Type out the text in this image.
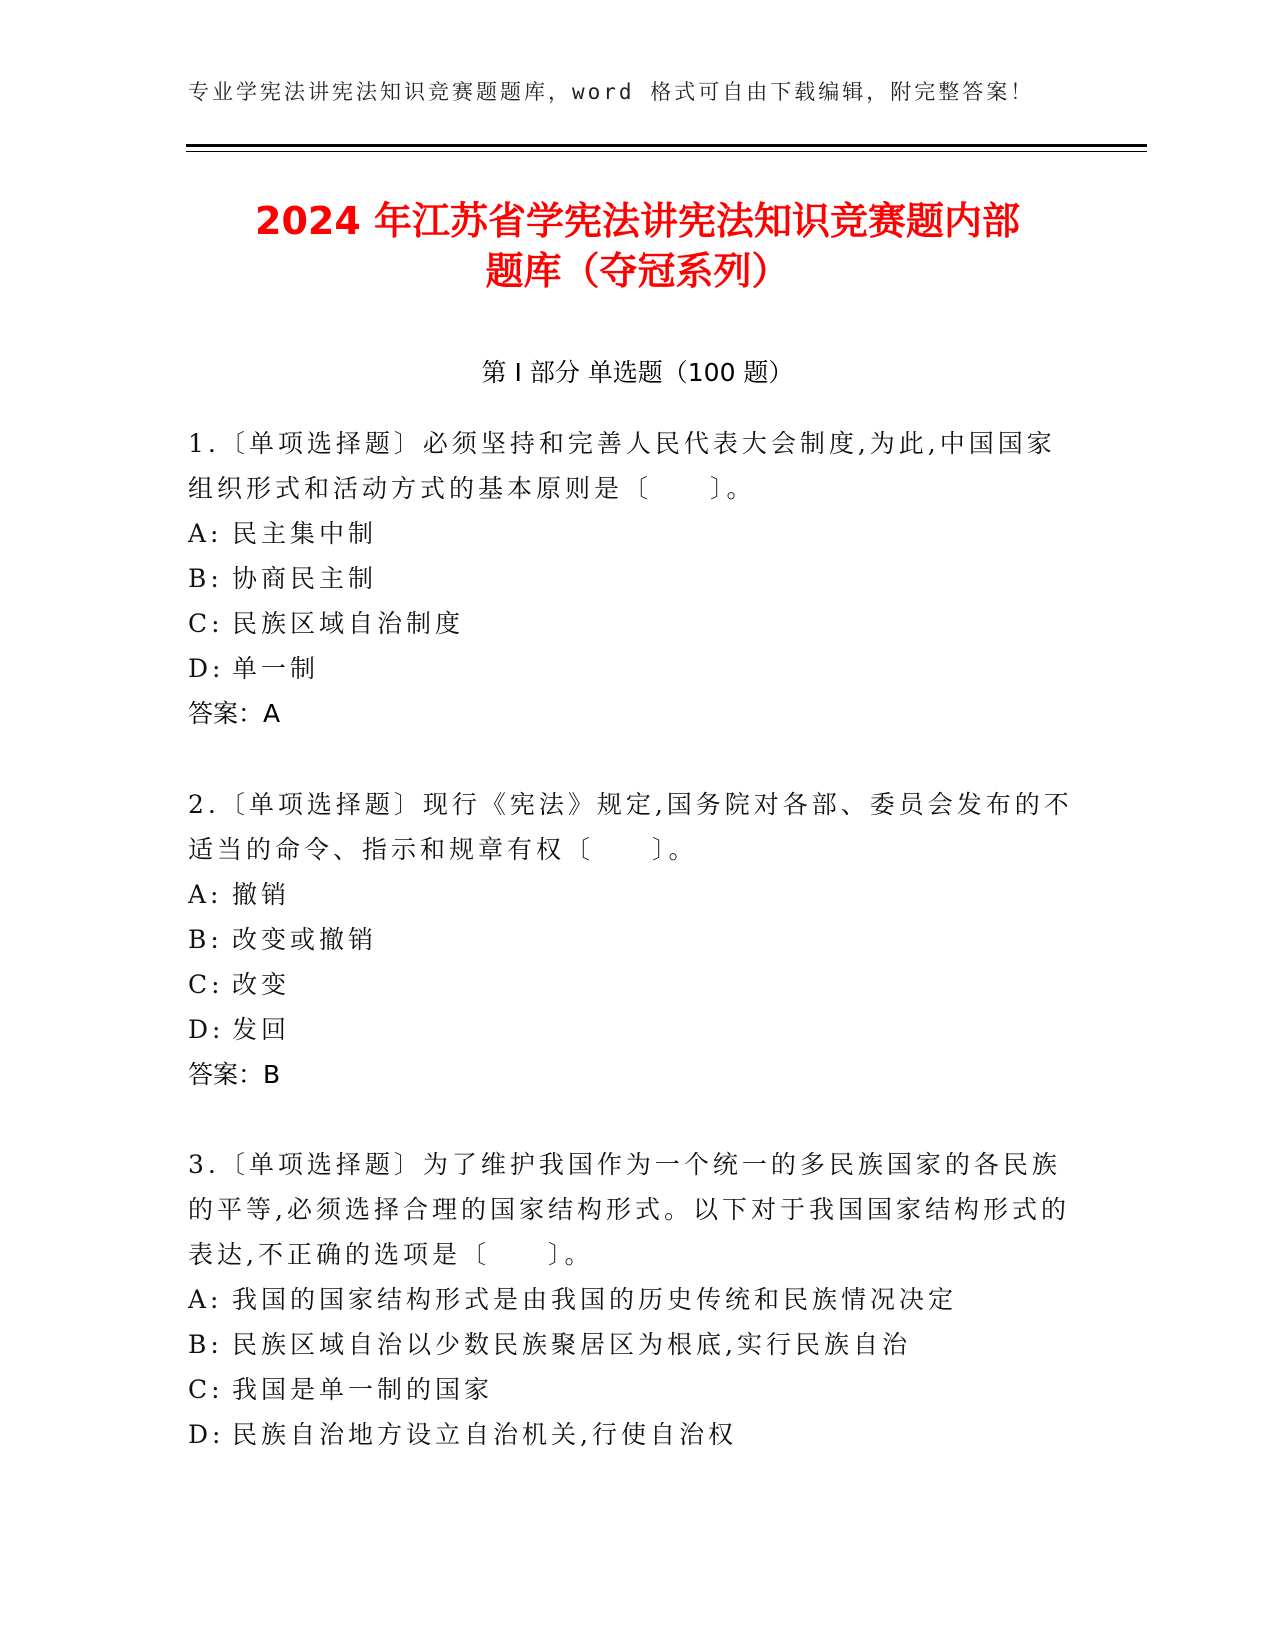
专业学宪法讲宪法知识竞赛题题库，word 格式可自由下载编辑，附完整答案！
2024 年江苏省学宪法讲宪法知识竞赛题内部
题库（夺冠系列）
第 I 部分 单选题（100 题）

1.〔单项选择题〕必须坚持和完善人民代表大会制度,为此,中国国家组织形式和活动方式的基本原则是〔　　〕。

A: 民主集中制
B: 协商民主制
C: 民族区域自治制度
D: 单一制
答案：A

2.〔单项选择题〕现行《宪法》规定,国务院对各部、委员会发布的不适当的命令、指示和规章有权〔　　〕。

A: 撤销
B: 改变或撤销
C: 改变
D: 发回
答案：B

3.〔单项选择题〕为了维护我国作为一个统一的多民族国家的各民族的平等,必须选择合理的国家结构形式。以下对于我国国家结构形式的表达,不正确的选项是〔　　〕。

A: 我国的国家结构形式是由我国的历史传统和民族情况决定
B: 民族区域自治以少数民族聚居区为根底,实行民族自治
C: 我国是单一制的国家
D: 民族自治地方设立自治机关,行使自治权
